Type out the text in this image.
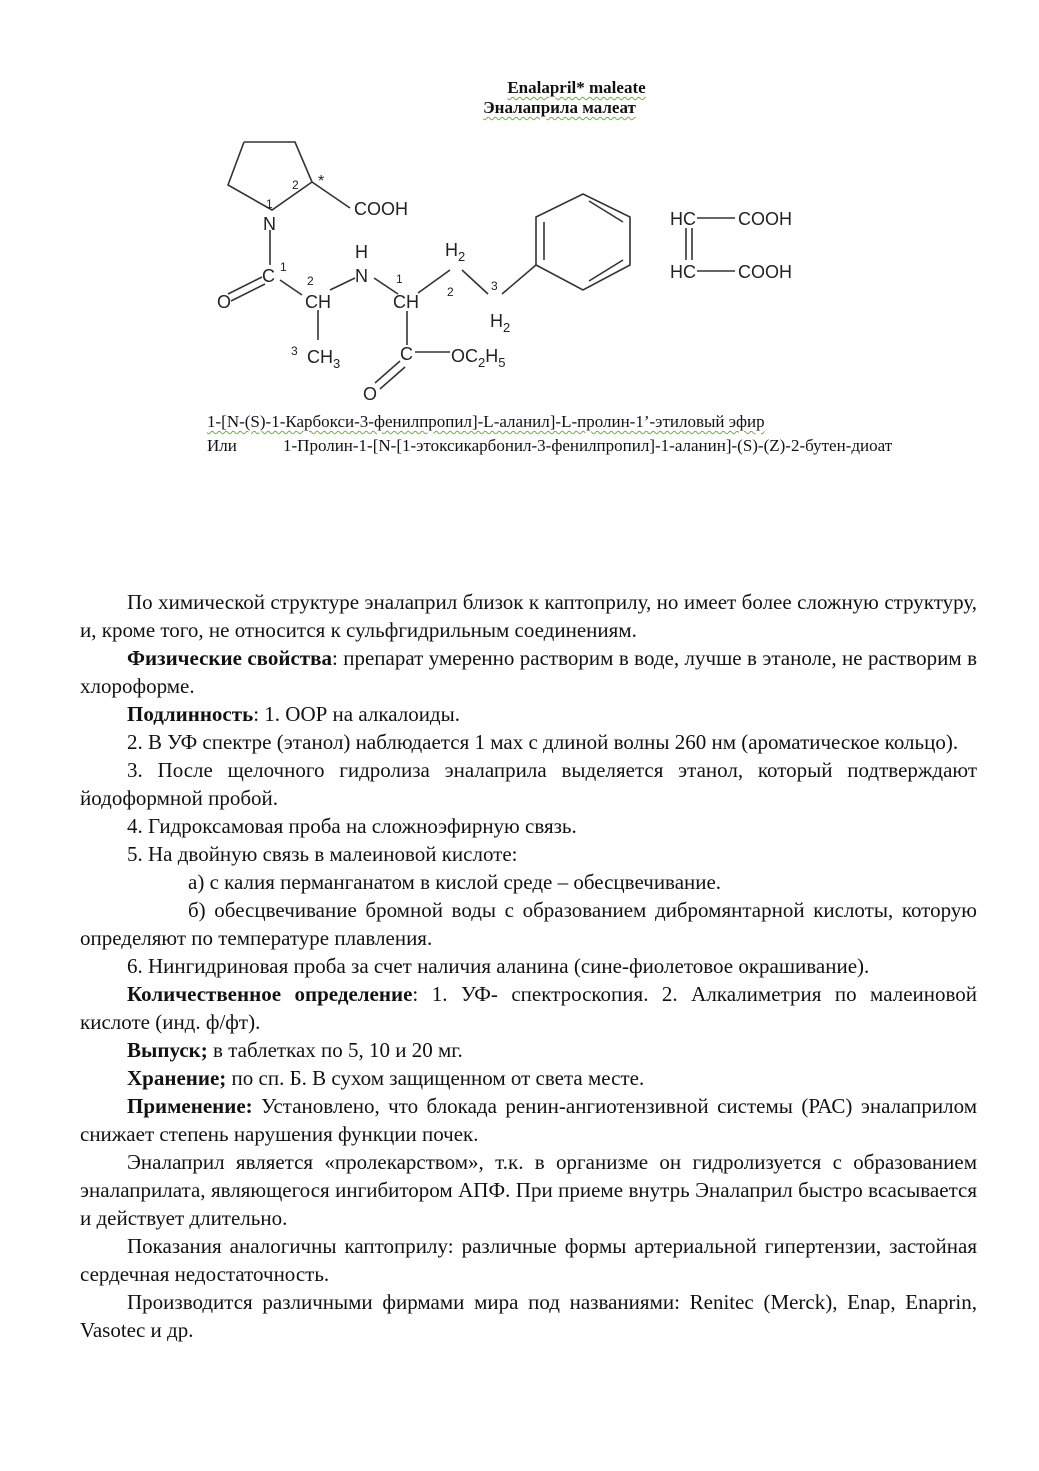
Enalapril* maleate
Эналаприла малеат
COOH
N
*
1
2
C 1
O	CH
2
3 $CH_3$
H
N 1
CH
$H_2$
2	3
$H_2$
C $OC_2H_5$
O
HC
HC
COOH
COOH
1-[N-(S)-1-Карбокси-3-фенилпропил]-L-аланил]-L-пролин-1’-этиловый эфир
Или	1-Пролин-1-[N-[1-этоксикарбонил-3-фенилпропил]-1-аланин]-(S)-(Z)-2-бутен-диоат

По химической структуре эналаприл близок к каптоприлу, но имеет более сложную структуру, и, кроме того, не относится к сульфгидрильным соединениям.

Физические свойства: препарат умеренно растворим в воде, лучше в этаноле, не растворим в хлороформе.

Подлинность: 1. ООР на алкалоиды.

2. В УФ спектре (этанол) наблюдается 1 мах с длиной волны 260 нм (ароматическое кольцо).

3. После щелочного гидролиза эналаприла выделяется этанол, который подтверждают йодоформной пробой.

4. Гидроксамовая проба на сложноэфирную связь.

5. На двойную связь в малеиновой кислоте:

а) с калия перманганатом в кислой среде – обесцвечивание.

б) обесцвечивание бромной воды с образованием дибромянтарной кислоты, которую определяют по температуре плавления.

6. Нингидриновая проба за счет наличия аланина (сине-фиолетовое окрашивание).

Количественное определение: 1. УФ- спектроскопия. 2. Алкалиметрия по малеиновой кислоте (инд. ф/фт).

Выпуск; в таблетках по 5, 10 и 20 мг.

Хранение; по сп. Б. В сухом защищенном от света месте.

Применение: Установлено, что блокада ренин-ангиотензивной системы (РАС) эналаприлом снижает степень нарушения функции почек.

Эналаприл является «пролекарством», т.к. в организме он гидролизуется с образованием эналаприлата, являющегося ингибитором АПФ. При приеме внутрь Эналаприл быстро всасывается и действует длительно.

Показания аналогичны каптоприлу: различные формы артериальной гипертензии, застойная сердечная недостаточность.

Производится различными фирмами мира под названиями: Renitec (Merck), Enap, Enaprin, Vasotec и др.
